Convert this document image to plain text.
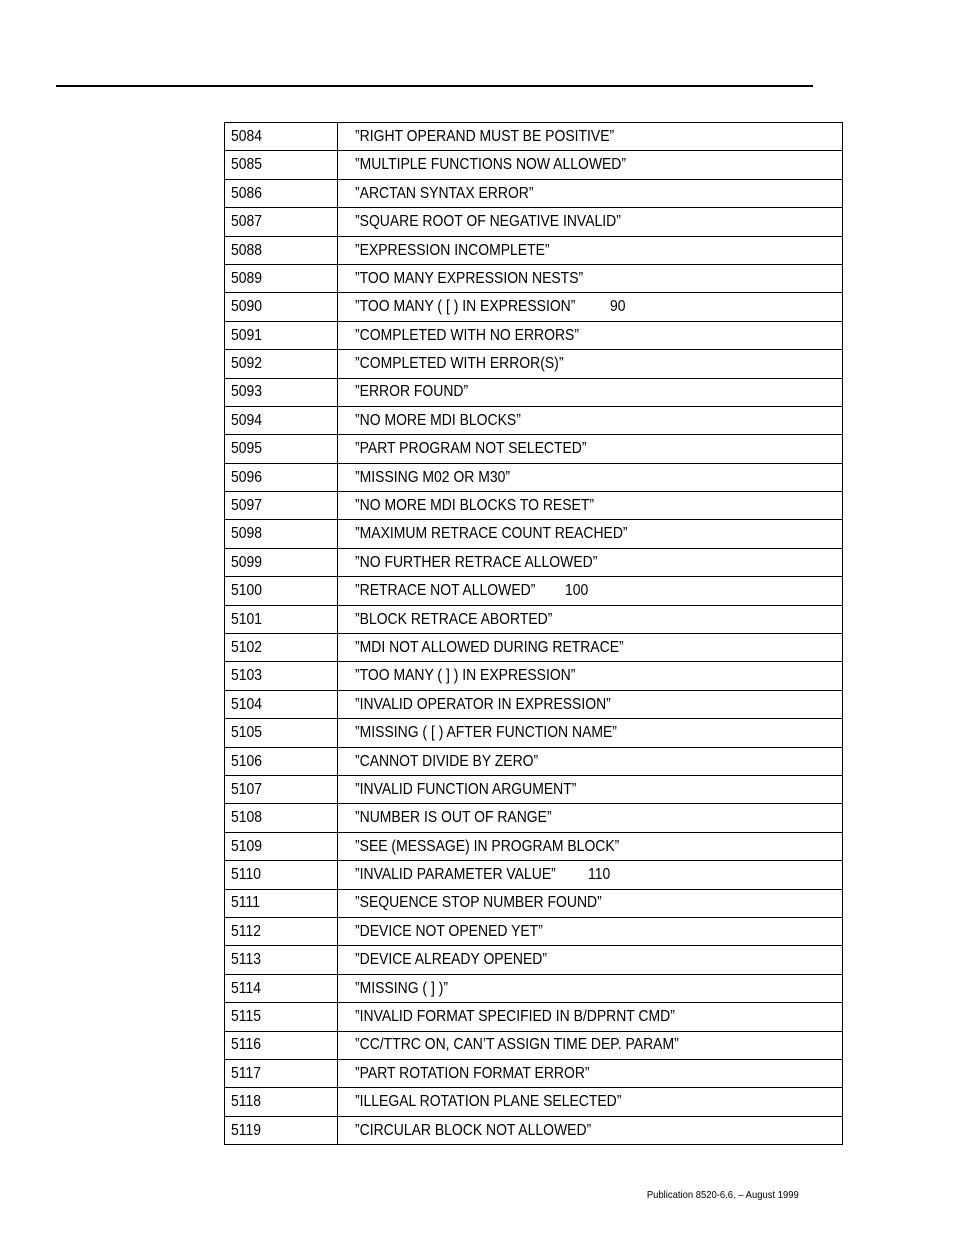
5084	”RIGHT OPERAND MUST BE POSITIVE”
5085	”MULTIPLE FUNCTIONS NOW ALLOWED”
5086	”ARCTAN SYNTAX ERROR”
5087	”SQUARE ROOT OF NEGATIVE INVALID”
5088	”EXPRESSION INCOMPLETE”
5089	”TOO MANY EXPRESSION NESTS”
5090	”TOO MANY ( [ ) IN EXPRESSION” 90
5091	”COMPLETED WITH NO ERRORS”
5092	”COMPLETED WITH ERROR(S)”
5093	”ERROR FOUND”
5094	”NO MORE MDI BLOCKS”
5095	”PART PROGRAM NOT SELECTED”
5096	”MISSING M02 OR M30”
5097	”NO MORE MDI BLOCKS TO RESET”
5098	”MAXIMUM RETRACE COUNT REACHED”
5099	”NO FURTHER RETRACE ALLOWED”
5100	”RETRACE NOT ALLOWED” 100
5101	”BLOCK RETRACE ABORTED”
5102	”MDI NOT ALLOWED DURING RETRACE”
5103	”TOO MANY ( ] ) IN EXPRESSION”
5104	”INVALID OPERATOR IN EXPRESSION”
5105	”MISSING ( [ ) AFTER FUNCTION NAME”
5106	”CANNOT DIVIDE BY ZERO”
5107	”INVALID FUNCTION ARGUMENT”
5108	”NUMBER IS OUT OF RANGE”
5109	”SEE (MESSAGE) IN PROGRAM BLOCK”
5110	”INVALID PARAMETER VALUE” 110
5111	”SEQUENCE STOP NUMBER FOUND”
5112	”DEVICE NOT OPENED YET”
5113	”DEVICE ALREADY OPENED”
5114	”MISSING ( ] )”
5115	”INVALID FORMAT SPECIFIED IN B/DPRNT CMD”
5116	”CC/TTRC ON, CAN’T ASSIGN TIME DEP. PARAM”
5117	”PART ROTATION FORMAT ERROR”
5118	”ILLEGAL ROTATION PLANE SELECTED”
5119	”CIRCULAR BLOCK NOT ALLOWED”
Publication 8520-6.6. – August 1999
